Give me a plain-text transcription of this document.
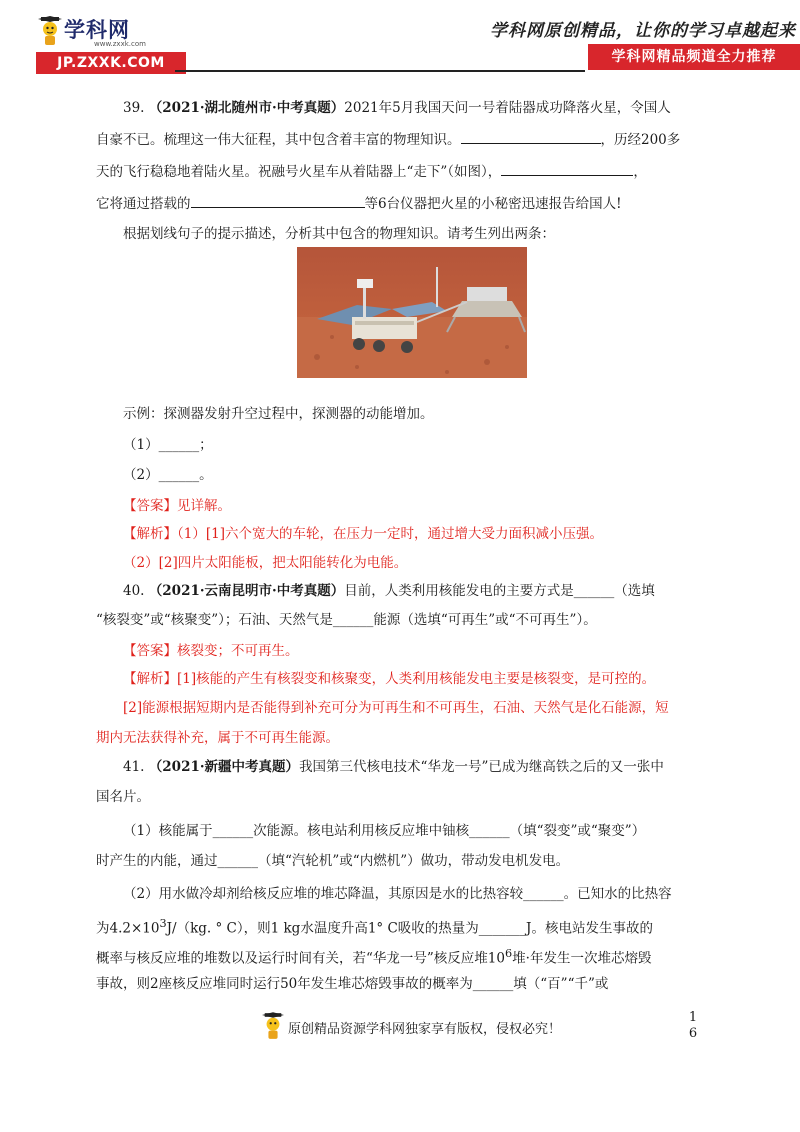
学科网
www.zxxk.com
JP.ZXXK.COM
学科网原创精品，让你的学习卓越起来
学科网精品频道全力推荐

39. （2021·湖北随州市·中考真题）2021年5月我国天问一号着陆器成功降落火星，令国人

自豪不已。梳理这一伟大征程，其中包含着丰富的物理知识。	，历经200多

天的飞行稳稳地着陆火星。祝融号火星车从着陆器上“走下”（如图），	，

它将通过搭载的	等6台仪器把火星的小秘密迅速报告给国人!

根据划线句子的提示描述，分析其中包含的物理知识。请考生列出两条：

示例：探测器发射升空过程中，探测器的动能增加。

（1）______；

（2）______。

【答案】见详解。

【解析】（1）[1]六个宽大的车轮，在压力一定时，通过增大受力面积减小压强。

（2）[2]四片太阳能板，把太阳能转化为电能。

40. （2021·云南昆明市·中考真题）目前，人类利用核能发电的主要方式是______（选填

“核裂变”或“核聚变”）；石油、天然气是______能源（选填“可再生”或“不可再生”）。

【答案】核裂变；不可再生。

【解析】[1]核能的产生有核裂变和核聚变，人类利用核能发电主要是核裂变，是可控的。

[2]能源根据短期内是否能得到补充可分为可再生和不可再生，石油、天然气是化石能源，短

期内无法获得补充，属于不可再生能源。

41. （2021·新疆中考真题）我国第三代核电技术“华龙一号”已成为继高铁之后的又一张中

国名片。

（1）核能属于______次能源。核电站利用核反应堆中铀核______（填“裂变”或“聚变”）

时产生的内能，通过______（填“汽轮机”或“内燃机”）做功，带动发电机发电。

（2）用水做冷却剂给核反应堆的堆芯降温，其原因是水的比热容较______。已知水的比热容

为$4.2\times 10^3J/(kg$. ° C），则1 kg水温度升高1° C吸收的热量为_______J。核电站发生事故的

概率与核反应堆的堆数以及运行时间有关，若“华龙一号”核反应堆$10^6$堆·年发生一次堆芯熔毁

事故，则2座核反应堆同时运行50年发生堆芯熔毁事故的概率为______填（“百”“千”或

原创精品资源学科网独家享有版权，侵权必究！
1
6
